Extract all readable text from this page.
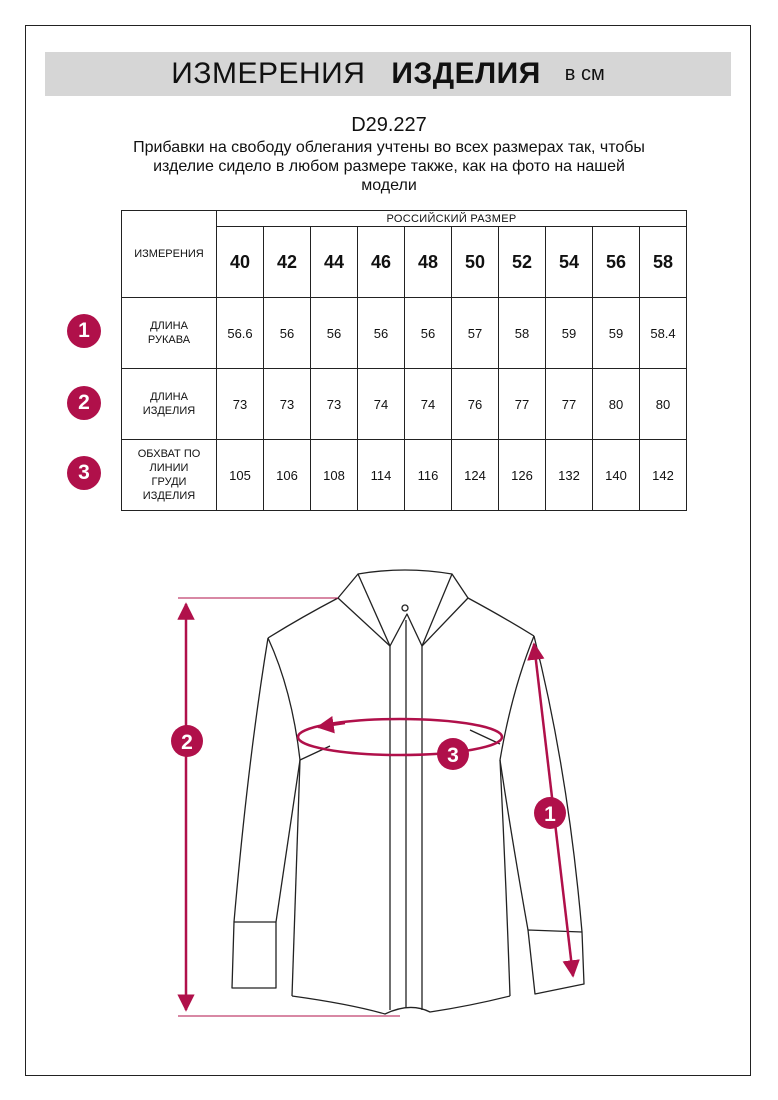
ИЗМЕРЕНИЯ ИЗДЕЛИЯ в см
D29.227
Прибавки на свободу облегания учтены во всех размерах так, чтобы
изделие сидело в любом размере также, как на фото на нашей
модели
ИЗМЕРЕНИЯ	РОССИЙСКИЙ РАЗМЕР									
	40	42	44	46	48	50	52	54	56	58

ДЛИНА
РУКАВА	56.6	56	56	56	56	57	58	59	59	58.4

ДЛИНА
ИЗДЕЛИЯ	73	73	73	74	74	76	77	77	80	80

ОБХВАТ ПО
ЛИНИИ
ГРУДИ
ИЗДЕЛИЯ	105	106	108	114	116	124	126	132	140	142
1
2
3
2
3
1
